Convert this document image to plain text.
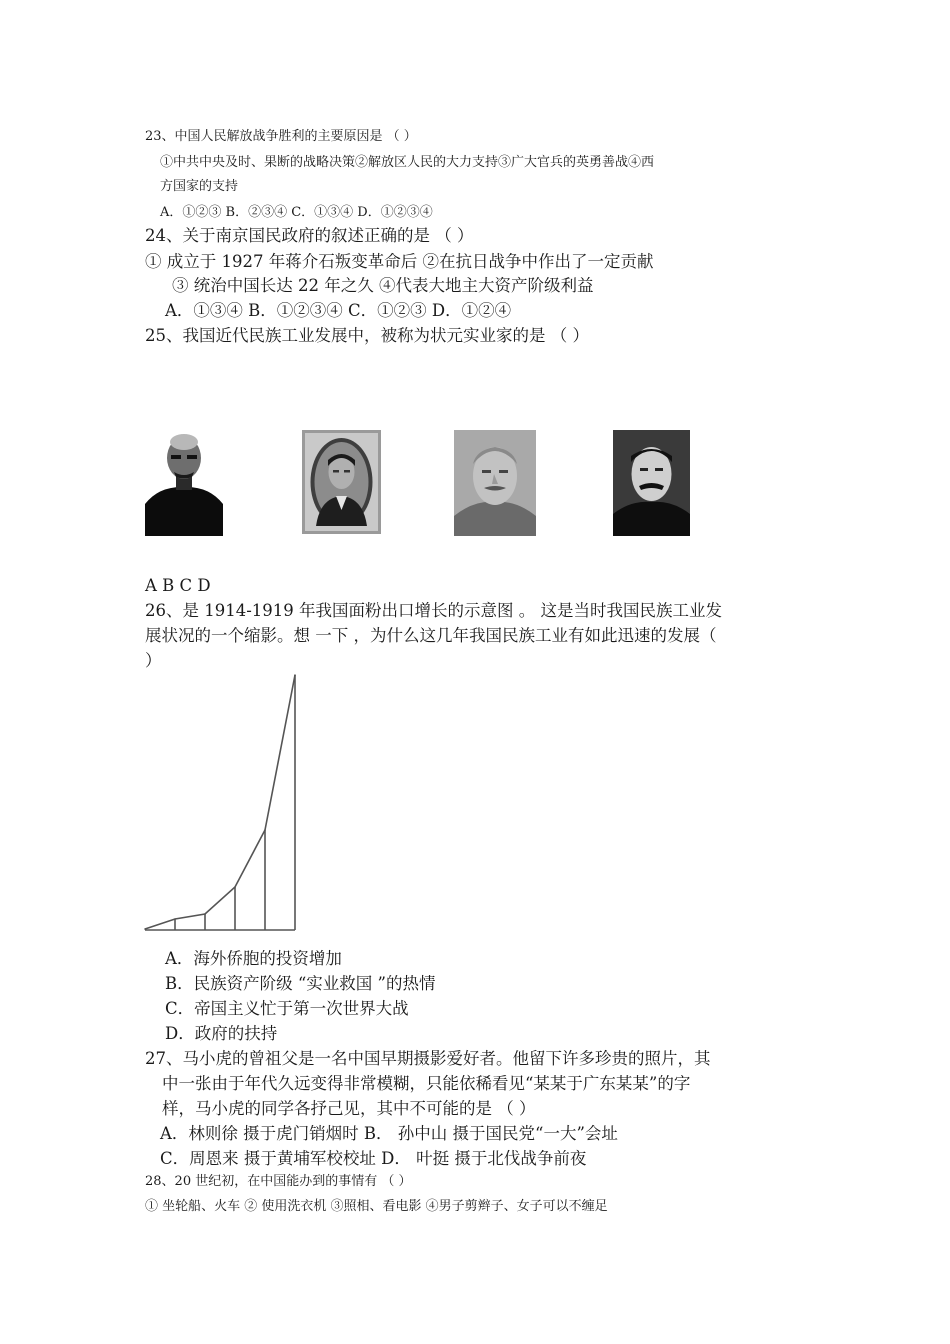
23、中国人民解放战争胜利的主要原因是 （ ）
①中共中央及时、果断的战略决策②解放区人民的大力支持③广大官兵的英勇善战④西
方国家的支持
A．①②③ B．②③④ C．①③④ D．①②③④
24、关于南京国民政府的叙述正确的是 （ ）
① 成立于 1927 年蒋介石叛变革命后 ②在抗日战争中作出了一定贡献
③ 统治中国长达 22 年之久 ④代表大地主大资产阶级利益
A．①③④ B．①②③④ C．①②③ D．①②④
25、我国近代民族工业发展中，被称为状元实业家的是 （ ）
A B C D
26、是 1914-1919 年我国面粉出口增长的示意图 。 这是当时我国民族工业发
展状况的一个缩影。想 一下 ，为什么这几年我国民族工业有如此迅速的发展（
）
A．海外侨胞的投资增加
B．民族资产阶级 “实业救国 ”的热情
C．帝国主义忙于第一次世界大战
D．政府的扶持
27、马小虎的曾祖父是一名中国早期摄影爱好者。他留下许多珍贵的照片，其
中一张由于年代久远变得非常模糊，只能依稀看见“某某于广东某某”的字
样，马小虎的同学各抒己见，其中不可能的是 （ ）
A．林则徐 摄于虎门销烟时 B． 孙中山 摄于国民党“一大”会址
C．周恩来 摄于黄埔军校校址 D． 叶挺 摄于北伐战争前夜
28、20 世纪初，在中国能办到的事情有 （ ）
① 坐轮船、火车 ② 使用洗衣机 ③照相、看电影 ④男子剪辫子、女子可以不缠足
